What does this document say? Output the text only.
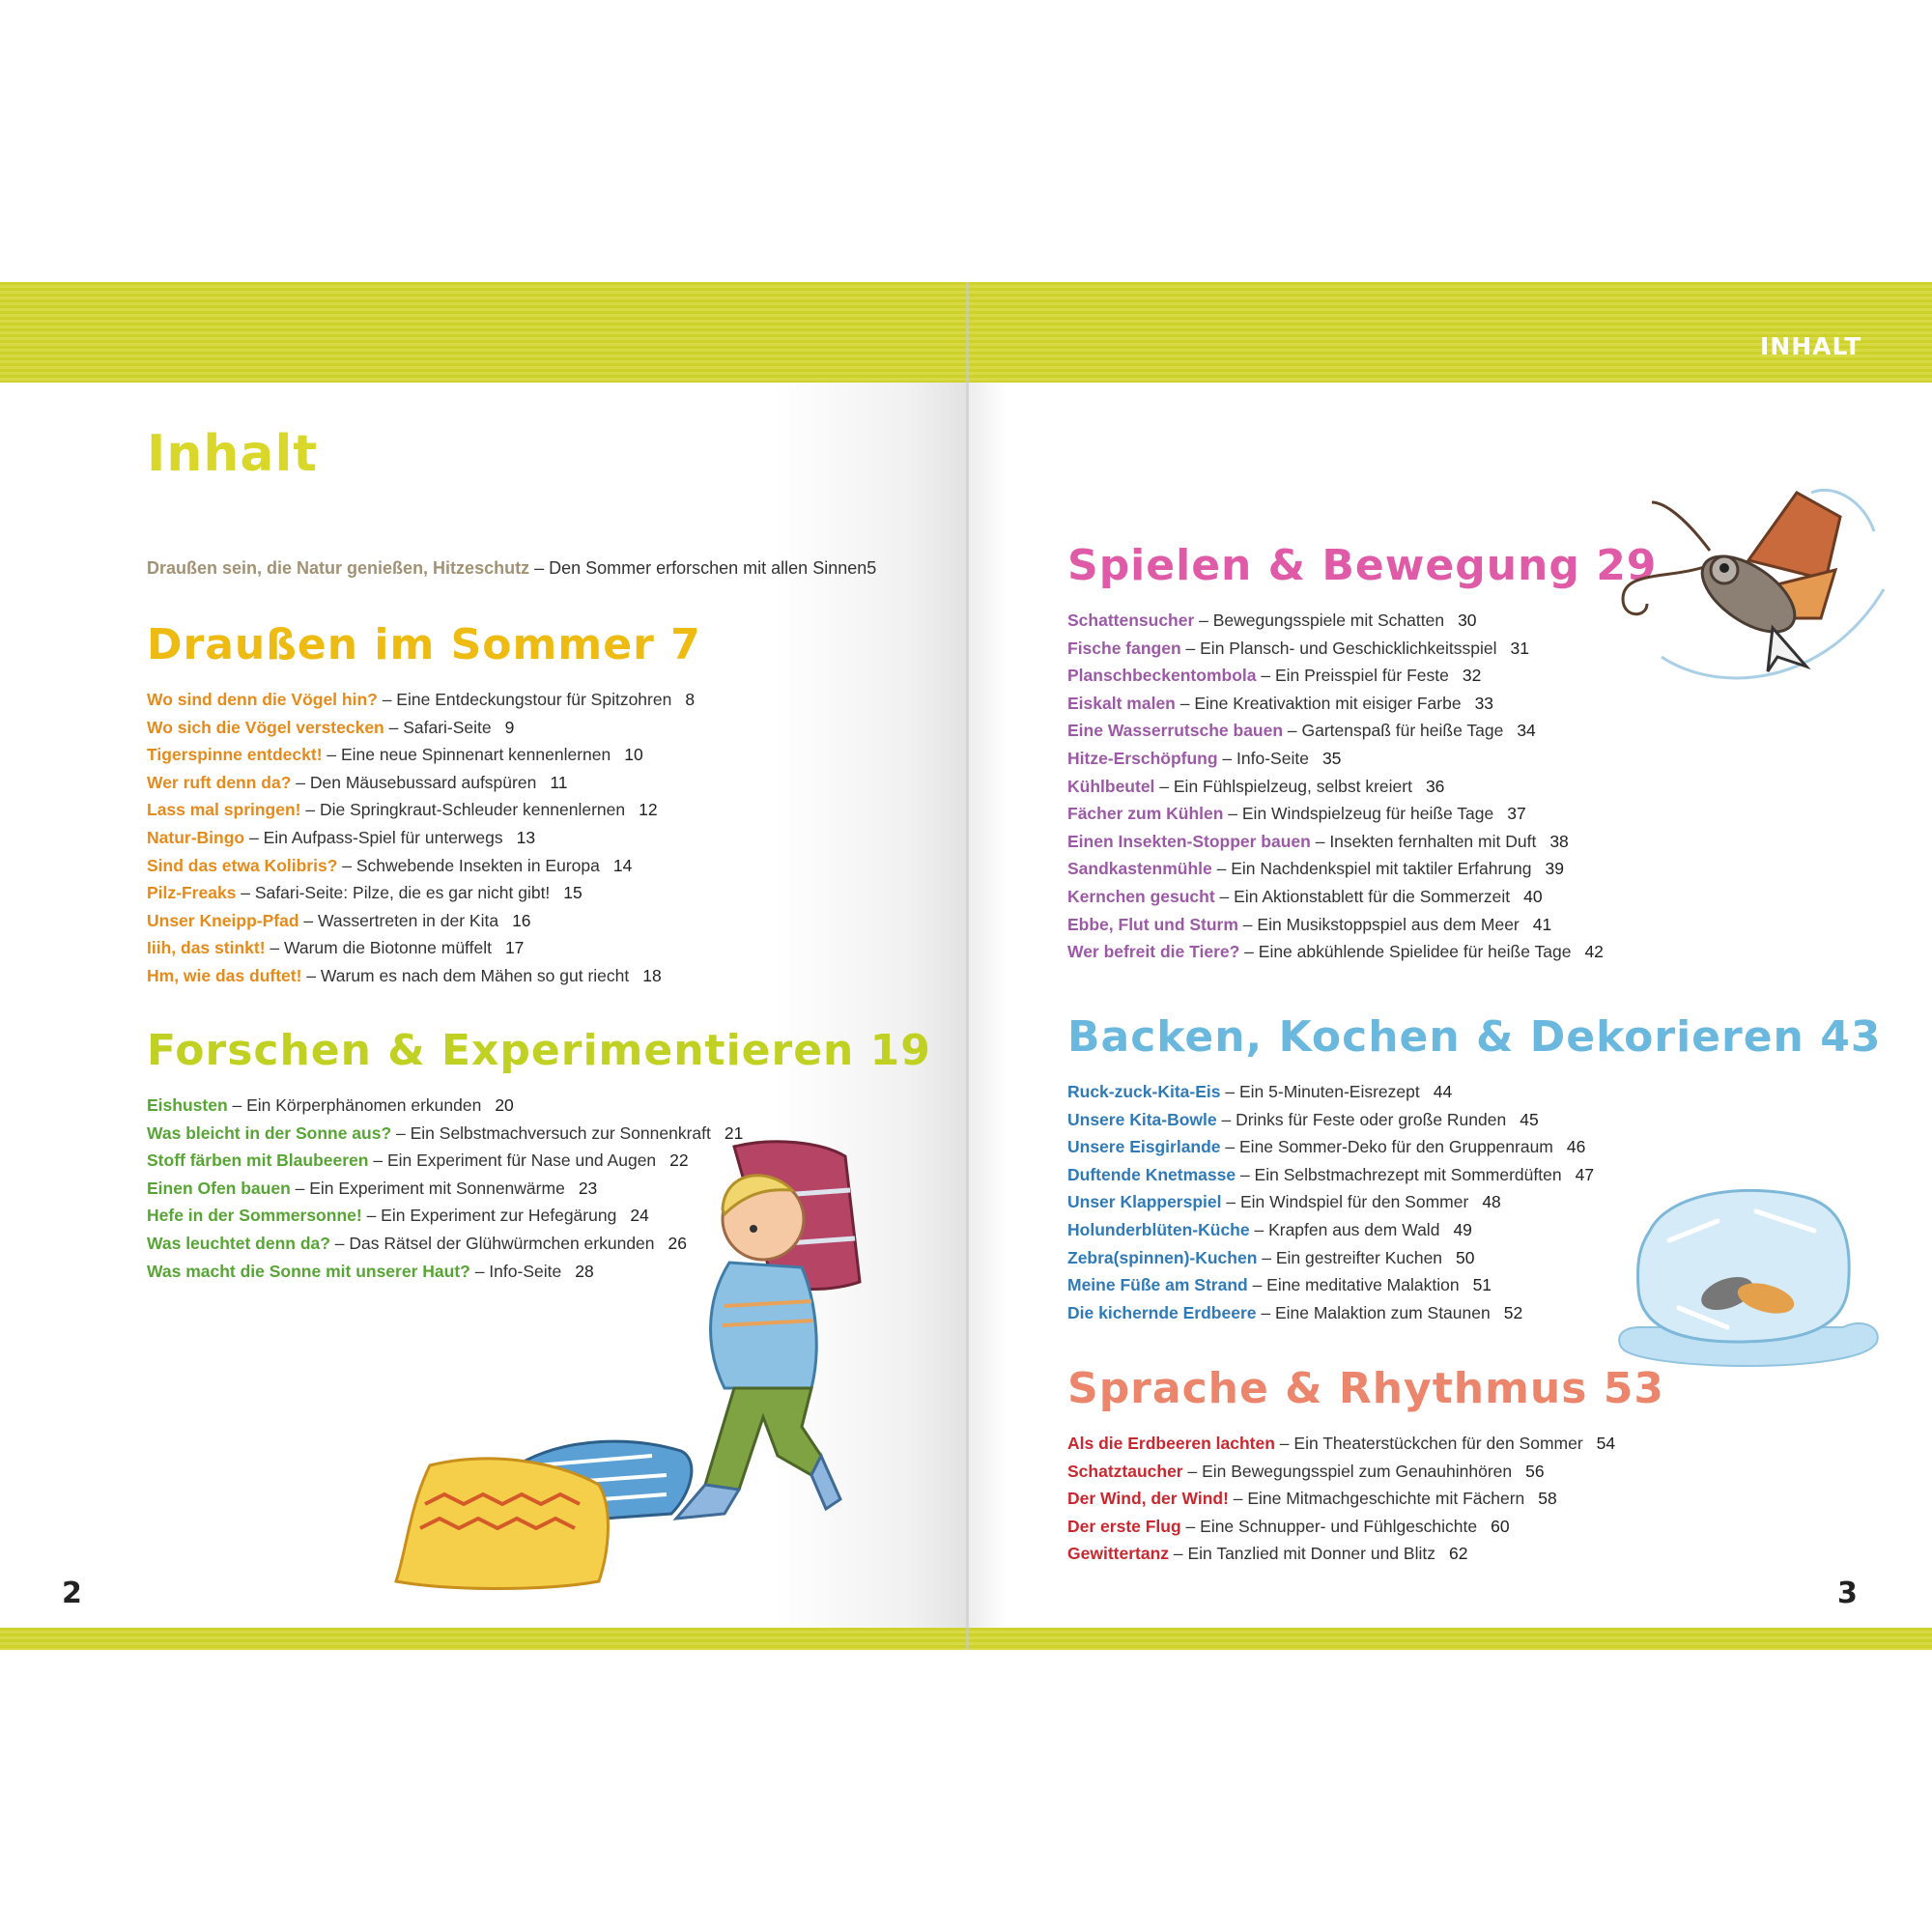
INHALT
Inhalt
Draußen sein, die Natur genießen, Hitzeschutz – Den Sommer erforschen mit allen Sinnen5
Draußen im Sommer 7
Wo sind denn die Vögel hin? – Eine Entdeckungstour für Spitzohren 8
Wo sich die Vögel verstecken – Safari-Seite 9
Tigerspinne entdeckt! – Eine neue Spinnenart kennenlernen 10
Wer ruft denn da? – Den Mäusebussard aufspüren 11
Lass mal springen! – Die Springkraut-Schleuder kennenlernen 12
Natur-Bingo – Ein Aufpass-Spiel für unterwegs 13
Sind das etwa Kolibris? – Schwebende Insekten in Europa 14
Pilz-Freaks – Safari-Seite: Pilze, die es gar nicht gibt! 15
Unser Kneipp-Pfad – Wassertreten in der Kita 16
Iiih, das stinkt! – Warum die Biotonne müffelt 17
Hm, wie das duftet! – Warum es nach dem Mähen so gut riecht 18
Forschen & Experimentieren 19
Eishusten – Ein Körperphänomen erkunden 20
Was bleicht in der Sonne aus? – Ein Selbstmachversuch zur Sonnenkraft 21
Stoff färben mit Blaubeeren – Ein Experiment für Nase und Augen 22
Einen Ofen bauen – Ein Experiment mit Sonnenwärme 23
Hefe in der Sommersonne! – Ein Experiment zur Hefegärung 24
Was leuchtet denn da? – Das Rätsel der Glühwürmchen erkunden 26
Was macht die Sonne mit unserer Haut? – Info-Seite 28
Spielen & Bewegung 29
Schattensucher – Bewegungsspiele mit Schatten 30
Fische fangen – Ein Plansch- und Geschicklichkeitsspiel 31
Planschbeckentombola – Ein Preisspiel für Feste 32
Eiskalt malen – Eine Kreativaktion mit eisiger Farbe 33
Eine Wasserrutsche bauen – Gartenspaß für heiße Tage 34
Hitze-Erschöpfung – Info-Seite 35
Kühlbeutel – Ein Fühlspielzeug, selbst kreiert 36
Fächer zum Kühlen – Ein Windspielzeug für heiße Tage 37
Einen Insekten-Stopper bauen – Insekten fernhalten mit Duft 38
Sandkastenmühle – Ein Nachdenkspiel mit taktiler Erfahrung 39
Kernchen gesucht – Ein Aktionstablett für die Sommerzeit 40
Ebbe, Flut und Sturm – Ein Musikstoppspiel aus dem Meer 41
Wer befreit die Tiere? – Eine abkühlende Spielidee für heiße Tage 42
Backen, Kochen & Dekorieren 43
Ruck-zuck-Kita-Eis – Ein 5-Minuten-Eisrezept 44
Unsere Kita-Bowle – Drinks für Feste oder große Runden 45
Unsere Eisgirlande – Eine Sommer-Deko für den Gruppenraum 46
Duftende Knetmasse – Ein Selbstmachrezept mit Sommerdüften 47
Unser Klapperspiel – Ein Windspiel für den Sommer 48
Holunderblüten-Küche – Krapfen aus dem Wald 49
Zebra(spinnen)-Kuchen – Ein gestreifter Kuchen 50
Meine Füße am Strand – Eine meditative Malaktion 51
Die kichernde Erdbeere – Eine Malaktion zum Staunen 52
Sprache & Rhythmus 53
Als die Erdbeeren lachten – Ein Theaterstückchen für den Sommer 54
Schatztaucher – Ein Bewegungsspiel zum Genauhinhören 56
Der Wind, der Wind! – Eine Mitmachgeschichte mit Fächern 58
Der erste Flug – Eine Schnupper- und Fühlgeschichte 60
Gewittertanz – Ein Tanzlied mit Donner und Blitz 62
2	3
